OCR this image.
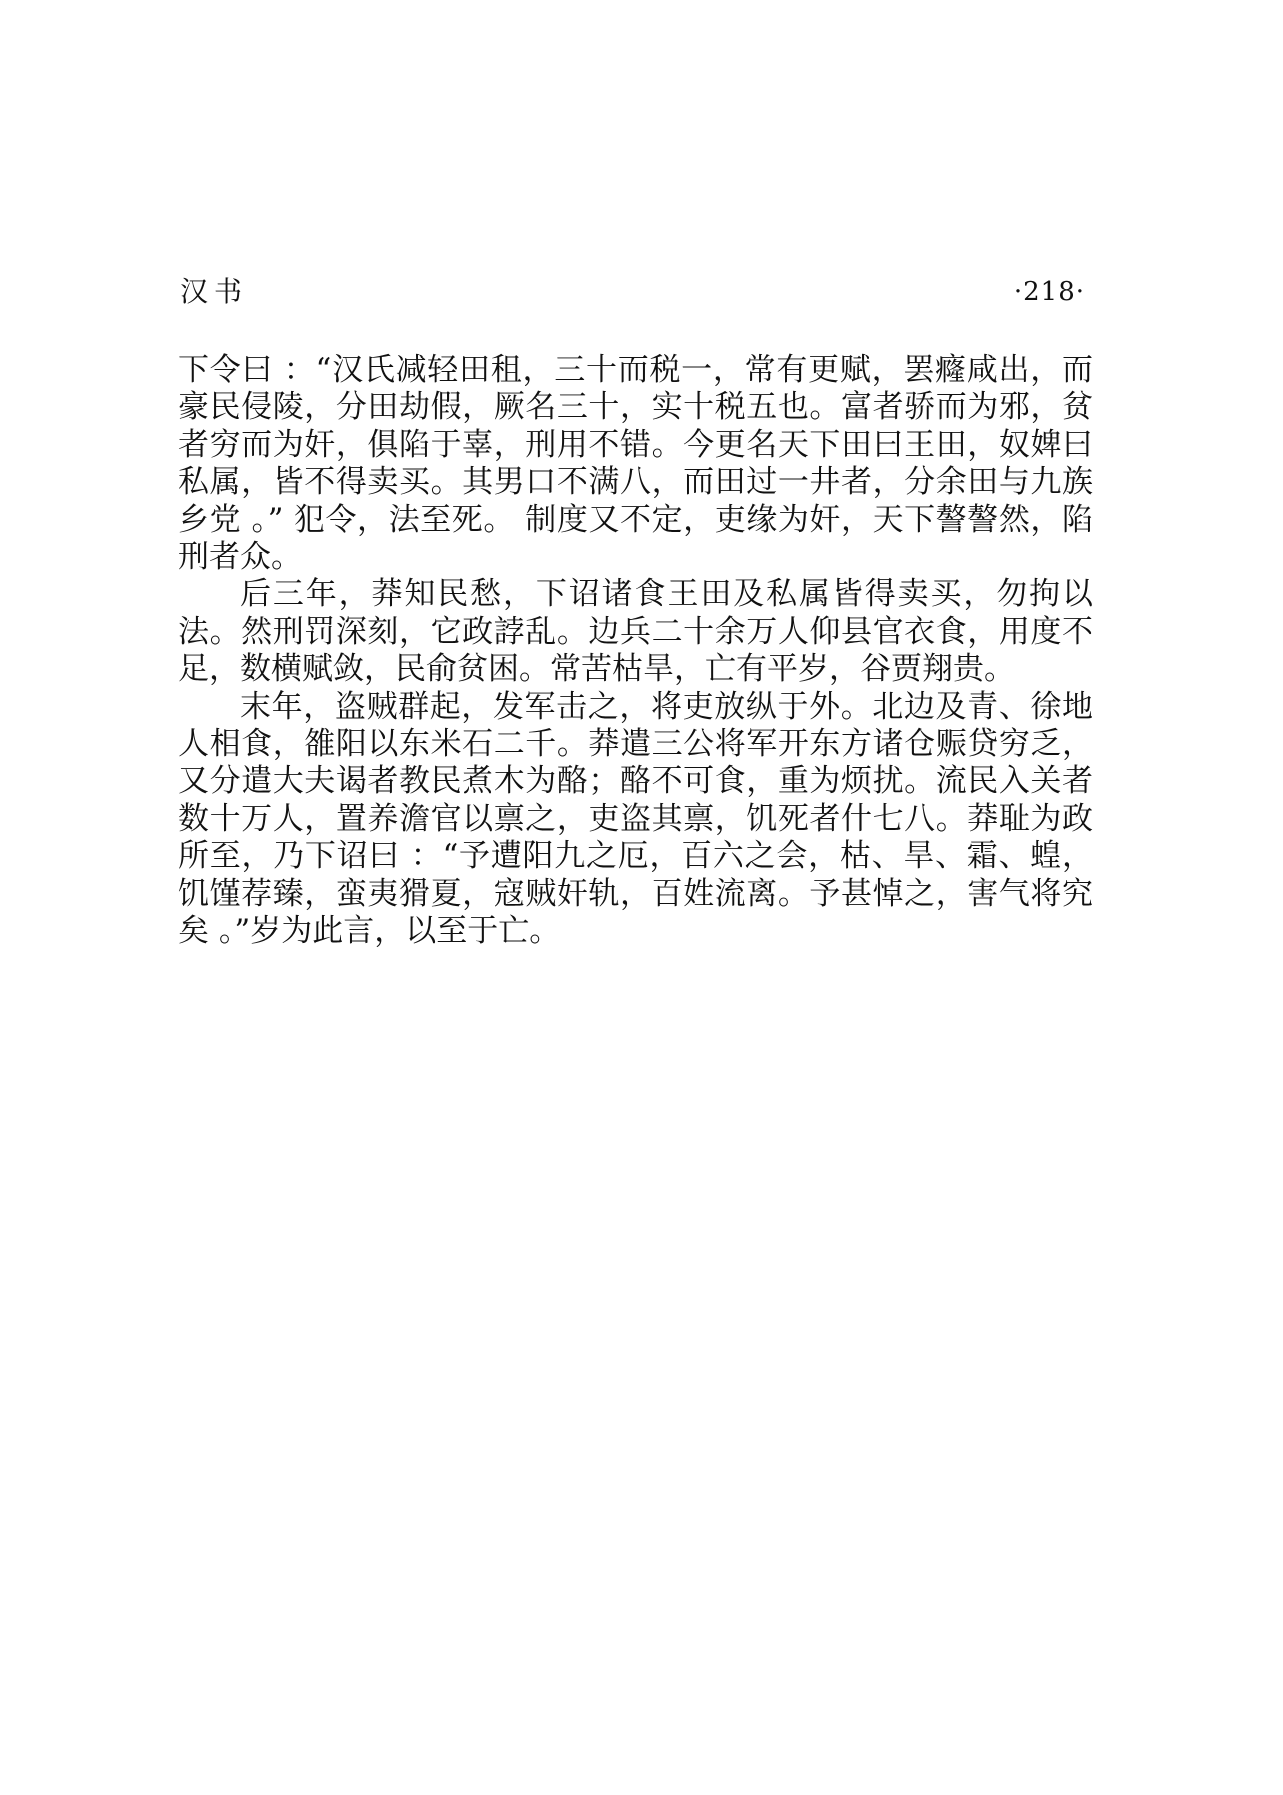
汉书	·218·

下令曰 ：“汉氏减轻田租，三十而税一，常有更赋，罢癃咸出，而豪民侵陵，分田劫假，厥名三十，实十税五也。富者骄而为邪，贫者穷而为奸，俱陷于辜，刑用不错。今更名天下田曰王田，奴婢曰私属，皆不得卖买。其男口不满八，而田过一井者，分余田与九族乡党 。” 犯令，法至死。 制度又不定，吏缘为奸，天下謷謷然，陷刑者众。

后三年，莽知民愁，下诏诸食王田及私属皆得卖买，勿拘以法。然刑罚深刻，它政誖乱。边兵二十余万人仰县官衣食，用度不足，数横赋敛，民俞贫困。常苦枯旱，亡有平岁，谷贾翔贵。

末年，盗贼群起，发军击之，将吏放纵于外。北边及青、徐地人相食，雒阳以东米石二千。莽遣三公将军开东方诸仓赈贷穷乏，又分遣大夫谒者教民煮木为酪；酪不可食，重为烦扰。流民入关者数十万人，置养澹官以禀之，吏盗其禀，饥死者什七八。莽耻为政所至，乃下诏曰 ：“予遭阳九之厄，百六之会，枯、旱、霜、蝗，饥馑荐臻，蛮夷猾夏，寇贼奸轨，百姓流离。予甚悼之，害气将究矣 。”岁为此言，以至于亡。
